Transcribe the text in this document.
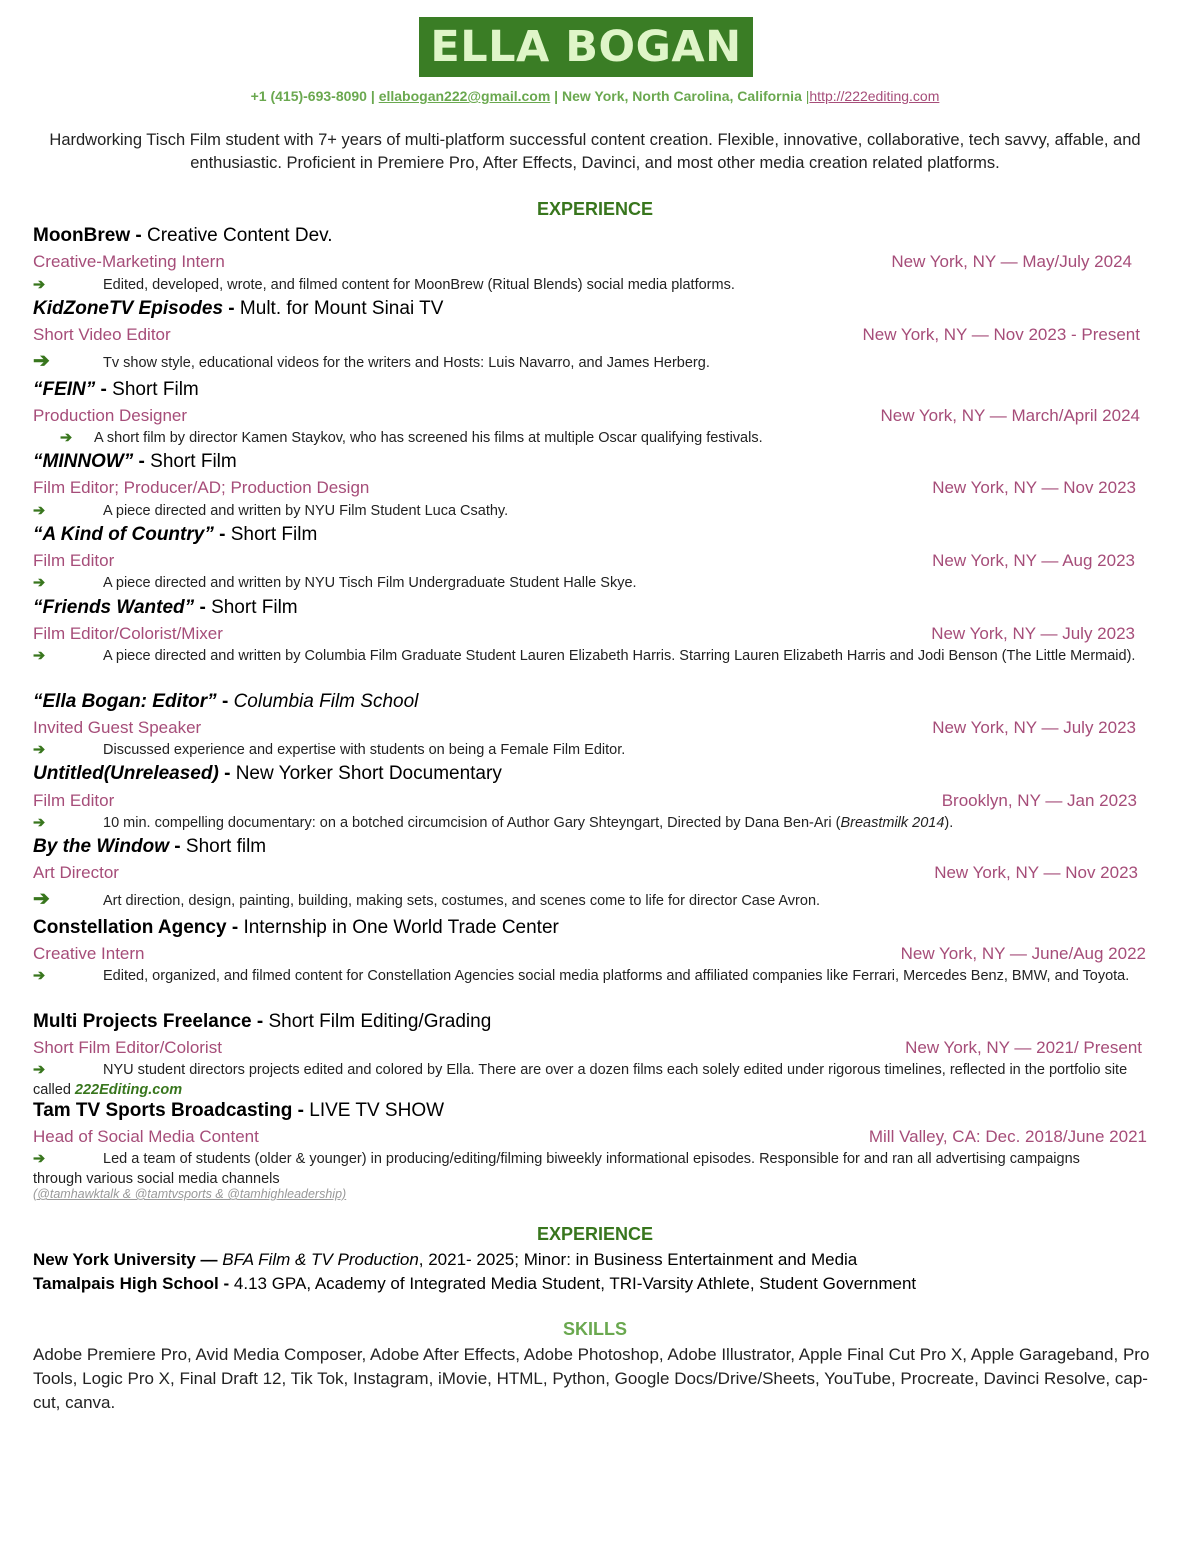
ELLA BOGAN
+1 (415)-693-8090 | ellabogan222@gmail.com | New York, North Carolina, California |http://222editing.com
Hardworking Tisch Film student with 7+ years of multi-platform successful content creation. Flexible, innovative, collaborative, tech savvy, affable, and enthusiastic. Proficient in Premiere Pro, After Effects, Davinci, and most other media creation related platforms.
EXPERIENCE
MoonBrew - Creative Content Dev.
Creative-Marketing Intern	New York, NY — May/July 2024
➔	Edited, developed, wrote, and filmed content for MoonBrew (Ritual Blends) social media platforms.
KidZoneTV Episodes - Mult. for Mount Sinai TV
Short Video Editor	New York, NY — Nov 2023 - Present
➔	Tv show style, educational videos for the writers and Hosts: Luis Navarro, and James Herberg.
“FEIN” - Short Film
Production Designer	New York, NY — March/April 2024
➔ A short film by director Kamen Staykov, who has screened his films at multiple Oscar qualifying festivals.
“MINNOW” - Short Film
Film Editor; Producer/AD; Production Design	New York, NY — Nov 2023
➔	A piece directed and written by NYU Film Student Luca Csathy.
“A Kind of Country” - Short Film
Film Editor	New York, NY — Aug 2023
➔	A piece directed and written by NYU Tisch Film Undergraduate Student Halle Skye.
“Friends Wanted” - Short Film
Film Editor/Colorist/Mixer	New York, NY — July 2023
➔	A piece directed and written by Columbia Film Graduate Student Lauren Elizabeth Harris. Starring Lauren Elizabeth Harris and Jodi Benson (The Little Mermaid).
“Ella Bogan: Editor” - Columbia Film School
Invited Guest Speaker	New York, NY — July 2023
➔	Discussed experience and expertise with students on being a Female Film Editor.
Untitled(Unreleased) - New Yorker Short Documentary
Film Editor	Brooklyn, NY — Jan 2023
➔	10 min. compelling documentary: on a botched circumcision of Author Gary Shteyngart, Directed by Dana Ben-Ari (Breastmilk 2014).
By the Window - Short film
Art Director	New York, NY — Nov 2023
➔	Art direction, design, painting, building, making sets, costumes, and scenes come to life for director Case Avron.
Constellation Agency - Internship in One World Trade Center
Creative Intern	New York, NY — June/Aug 2022
➔	Edited, organized, and filmed content for Constellation Agencies social media platforms and affiliated companies like Ferrari, Mercedes Benz, BMW, and Toyota.
Multi Projects Freelance - Short Film Editing/Grading
Short Film Editor/Colorist	New York, NY — 2021/ Present
➔	NYU student directors projects edited and colored by Ella. There are over a dozen films each solely edited under rigorous timelines, reflected in the portfolio site called 222Editing.com
Tam TV Sports Broadcasting - LIVE TV SHOW
Head of Social Media Content	Mill Valley, CA: Dec. 2018/June 2021
➔	Led a team of students (older & younger) in producing/editing/filming biweekly informational episodes. Responsible for and ran all advertising campaigns through various social media channels
(@tamhawktalk & @tamtvsports & @tamhighleadership)
EXPERIENCE
New York University — BFA Film & TV Production, 2021- 2025; Minor: in Business Entertainment and Media
Tamalpais High School - 4.13 GPA, Academy of Integrated Media Student, TRI-Varsity Athlete, Student Government
SKILLS
Adobe Premiere Pro, Avid Media Composer, Adobe After Effects, Adobe Photoshop, Adobe Illustrator, Apple Final Cut Pro X, Apple Garageband, Pro Tools, Logic Pro X, Final Draft 12, Tik Tok, Instagram, iMovie, HTML, Python, Google Docs/Drive/Sheets, YouTube, Procreate, Davinci Resolve, cap-cut, canva.
